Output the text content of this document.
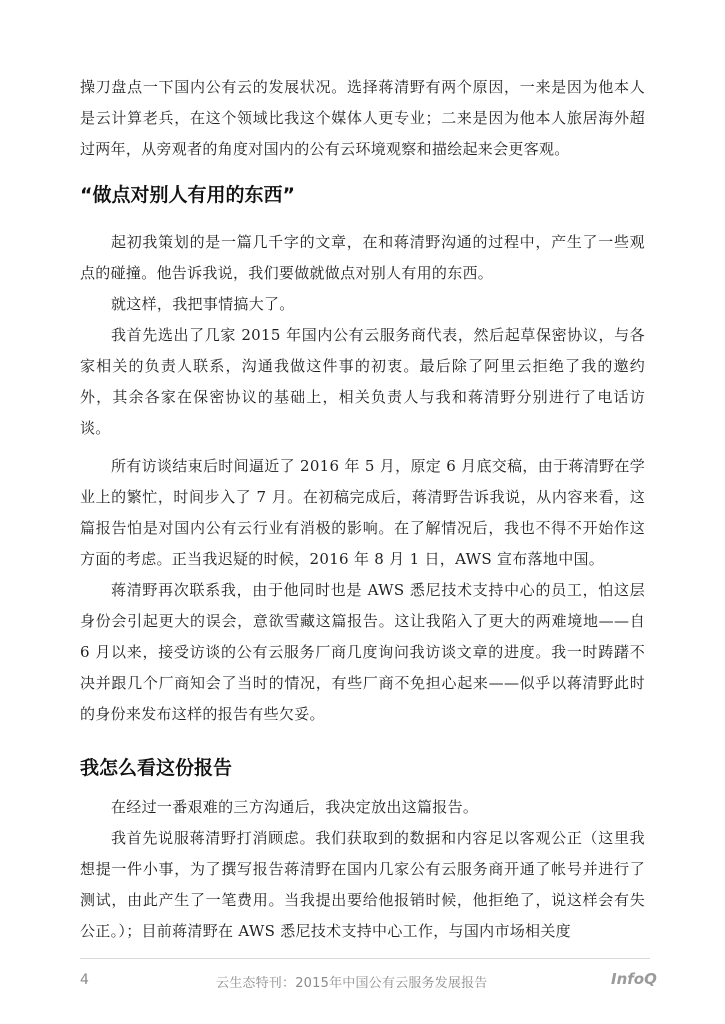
操刀盘点一下国内公有云的发展状况。选择蒋清野有两个原因，一来是因为他本人是云计算老兵，在这个领域比我这个媒体人更专业；二来是因为他本人旅居海外超过两年，从旁观者的角度对国内的公有云环境观察和描绘起来会更客观。

“做点对别人有用的东西”

起初我策划的是一篇几千字的文章，在和蒋清野沟通的过程中，产生了一些观点的碰撞。他告诉我说，我们要做就做点对别人有用的东西。

就这样，我把事情搞大了。

我首先选出了几家 2015 年国内公有云服务商代表，然后起草保密协议，与各家相关的负责人联系，沟通我做这件事的初衷。最后除了阿里云拒绝了我的邀约外，其余各家在保密协议的基础上，相关负责人与我和蒋清野分别进行了电话访谈。

所有访谈结束后时间逼近了 2016 年 5 月，原定 6 月底交稿，由于蒋清野在学业上的繁忙，时间步入了 7 月。在初稿完成后，蒋清野告诉我说，从内容来看，这篇报告怕是对国内公有云行业有消极的影响。在了解情况后，我也不得不开始作这方面的考虑。正当我迟疑的时候，2016 年 8 月 1 日，AWS 宣布落地中国。

蒋清野再次联系我，由于他同时也是 AWS 悉尼技术支持中心的员工，怕这层身份会引起更大的误会，意欲雪藏这篇报告。这让我陷入了更大的两难境地——自 6 月以来，接受访谈的公有云服务厂商几度询问我访谈文章的进度。我一时踌躇不决并跟几个厂商知会了当时的情况，有些厂商不免担心起来——似乎以蒋清野此时的身份来发布这样的报告有些欠妥。

我怎么看这份报告

在经过一番艰难的三方沟通后，我决定放出这篇报告。

我首先说服蒋清野打消顾虑。我们获取到的数据和内容足以客观公正（这里我想提一件小事，为了撰写报告蒋清野在国内几家公有云服务商开通了帐号并进行了测试，由此产生了一笔费用。当我提出要给他报销时候，他拒绝了，说这样会有失公正。）；目前蒋清野在 AWS 悉尼技术支持中心工作，与国内市场相关度

4	云生态特刊：2015年中国公有云服务发展报告	InfoQ
